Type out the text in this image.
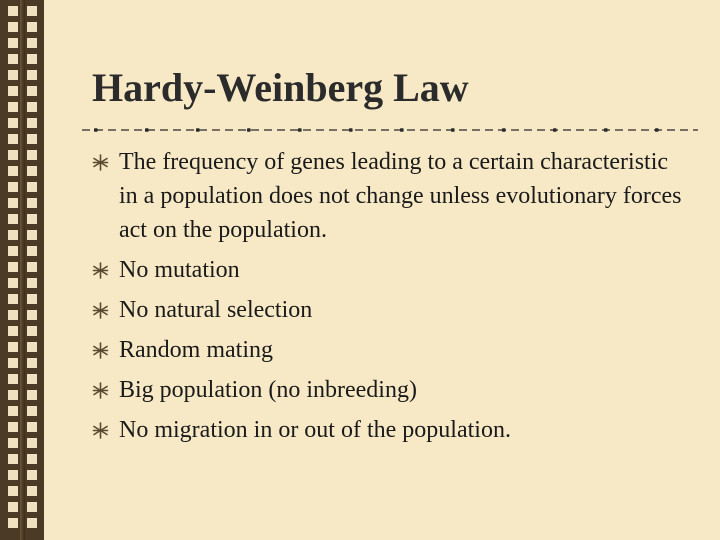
Hardy-Weinberg Law
The frequency of genes leading to a certain characteristic in a population does not change unless evolutionary forces act on the population.
No mutation
No natural selection
Random mating
Big population (no inbreeding)
No migration in or out of the population.
